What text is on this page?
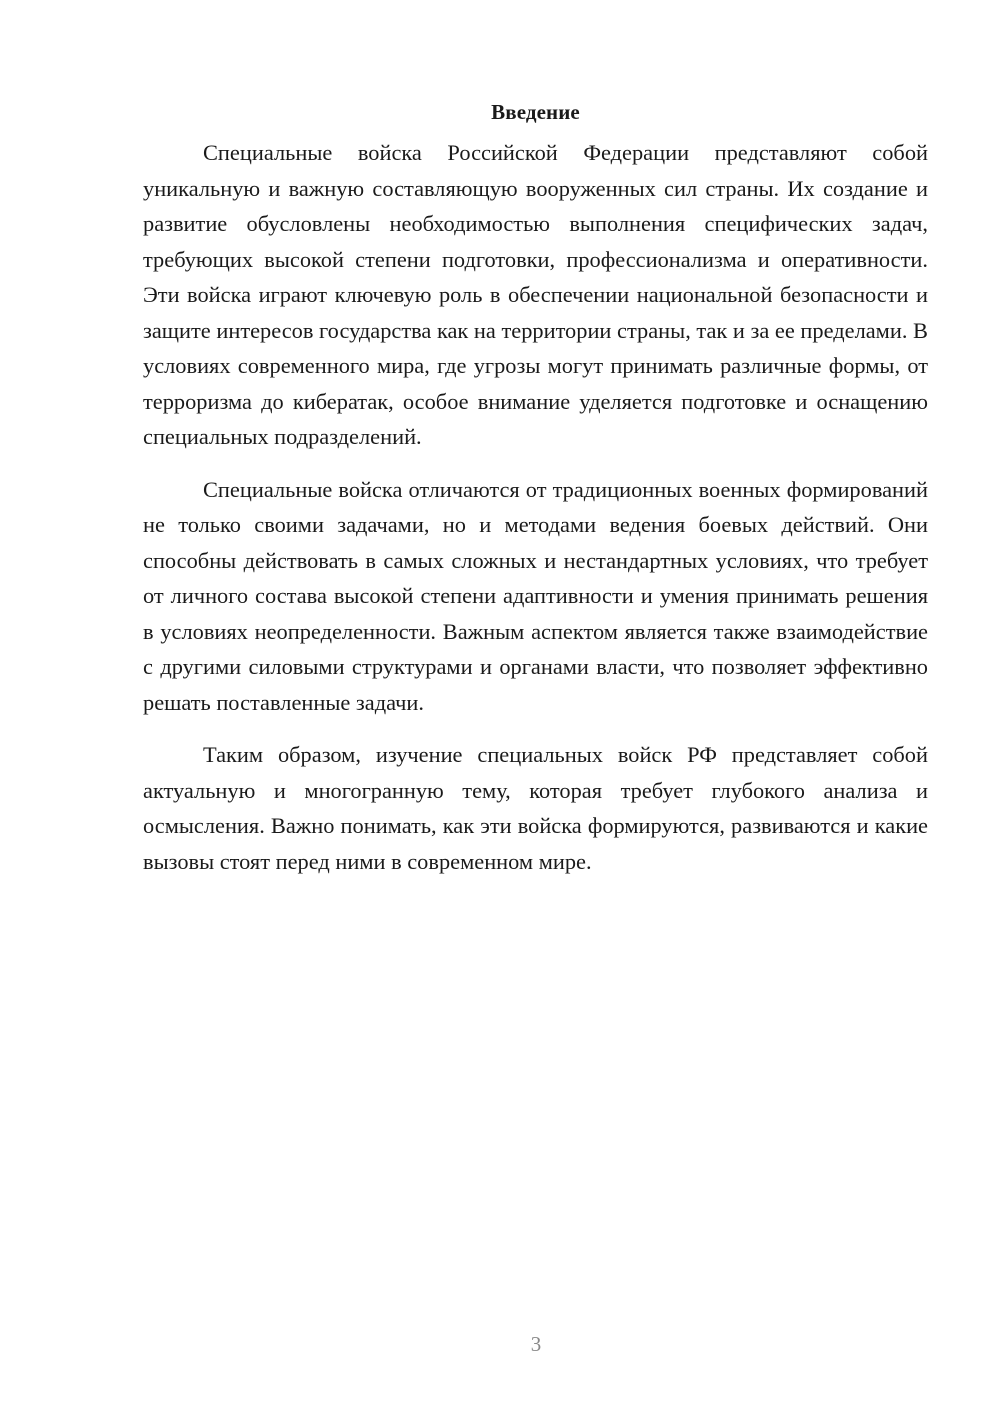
Введение

Специальные войска Российской Федерации представляют собой уникальную и важную составляющую вооруженных сил страны. Их создание и развитие обусловлены необходимостью выполнения специфических задач, требующих высокой степени подготовки, профессионализма и оперативности. Эти войска играют ключевую роль в обеспечении национальной безопасности и защите интересов государства как на территории страны, так и за ее пределами. В условиях современного мира, где угрозы могут принимать различные формы, от терроризма до кибератак, особое внимание уделяется подготовке и оснащению специальных подразделений.

Специальные войска отличаются от традиционных военных формирований не только своими задачами, но и методами ведения боевых действий. Они способны действовать в самых сложных и нестандартных условиях, что требует от личного состава высокой степени адаптивности и умения принимать решения в условиях неопределенности. Важным аспектом является также взаимодействие с другими силовыми структурами и органами власти, что позволяет эффективно решать поставленные задачи.

Таким образом, изучение специальных войск РФ представляет собой актуальную и многогранную тему, которая требует глубокого анализа и осмысления. Важно понимать, как эти войска формируются, развиваются и какие вызовы стоят перед ними в современном мире.

3
